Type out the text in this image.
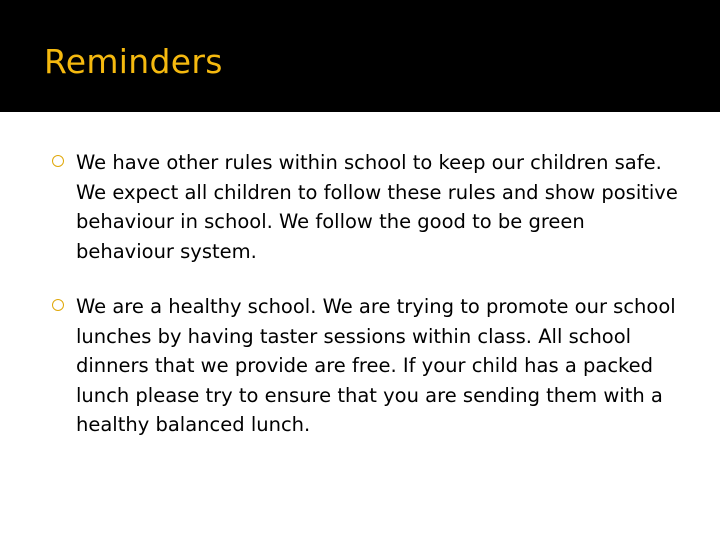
Reminders

We have other rules within school to keep our children safe. We expect all children to follow these rules and show positive behaviour in school. We follow the good to be green behaviour system.

We are a healthy school. We are trying to promote our school lunches by having taster sessions within class. All school dinners that we provide are free. If your child has a packed lunch please try to ensure that you are sending them with a healthy balanced lunch.
